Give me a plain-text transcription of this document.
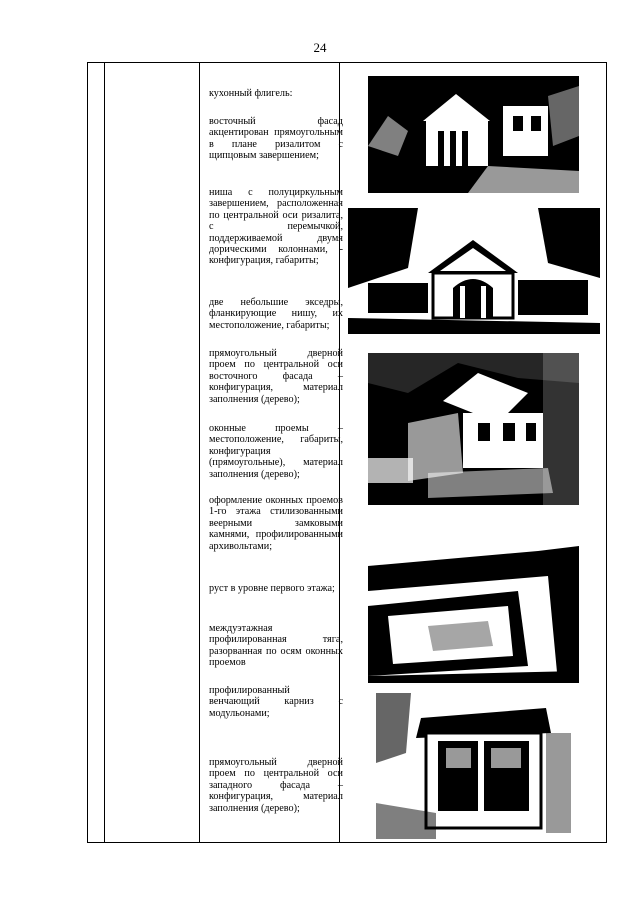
24

кухонный флигель:

восточный фасад акцентирован прямоугольным в плане ризалитом с щипцовым завершением;

ниша с полуциркульным завершением, расположенная по центральной оси ризалита, с перемычкой, поддерживаемой двумя дорическими колоннами, - конфигурация, габариты;

две небольшие экседры, фланкирующие нишу, их местоположение, габариты;

прямоугольный дверной проем по центральной оси восточного фасада – конфигурация, материал заполнения (дерево);

оконные проемы – местоположение, габариты, конфигурация (прямоугольные), материал заполнения (дерево);

оформление оконных проемов 1-го этажа стилизованными веерными замковыми камнями, профилированными архивольтами;

руст в уровне первого этажа;

междуэтажная профилированная тяга, разорванная по осям оконных проемов

профилированный венчающий карниз с модульонами;

прямоугольный дверной проем по центральной оси западного фасада – конфигурация, материал заполнения (дерево);
